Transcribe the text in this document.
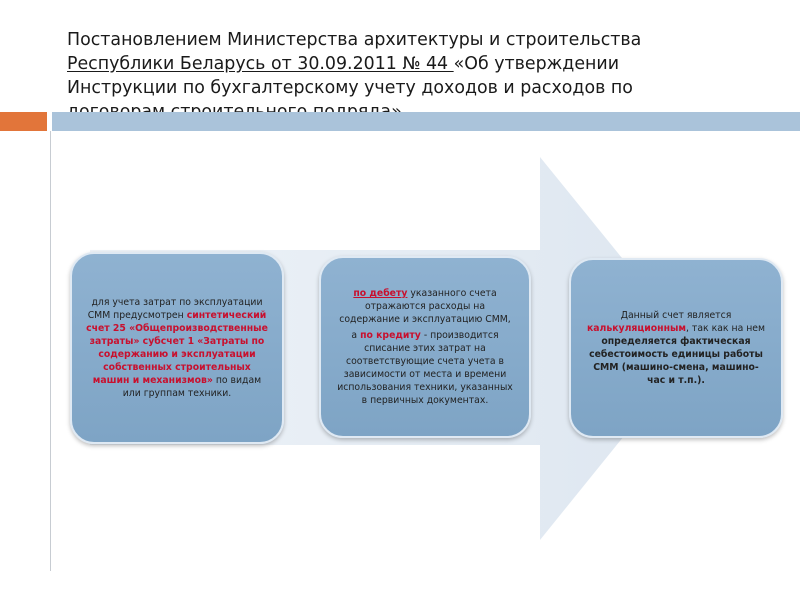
Постановлением Министерства архитектуры и строительства
Республики Беларусь от 30.09.2011 № 44 «Об утверждении
Инструкции по бухгалтерскому учету доходов и расходов по

для учета затрат по эксплуатации СММ предусмотрен синтетический счет 25 «Общепроизводственные затраты» субсчет 1 «Затраты по содержанию и эксплуатации собственных строительных машин и механизмов» по видам или группам техники.

по дебету указанного счета отражаются расходы на содержание и эксплуатацию СММ,

а по кредиту - производится списание этих затрат на соответствующие счета учета в зависимости от места и времени использования техники, указанных в первичных документах.

Данный счет является калькуляционным, так как на нем определяется фактическая себестоимость единицы работы СММ (машино-смена, машино-час и т.п.).
